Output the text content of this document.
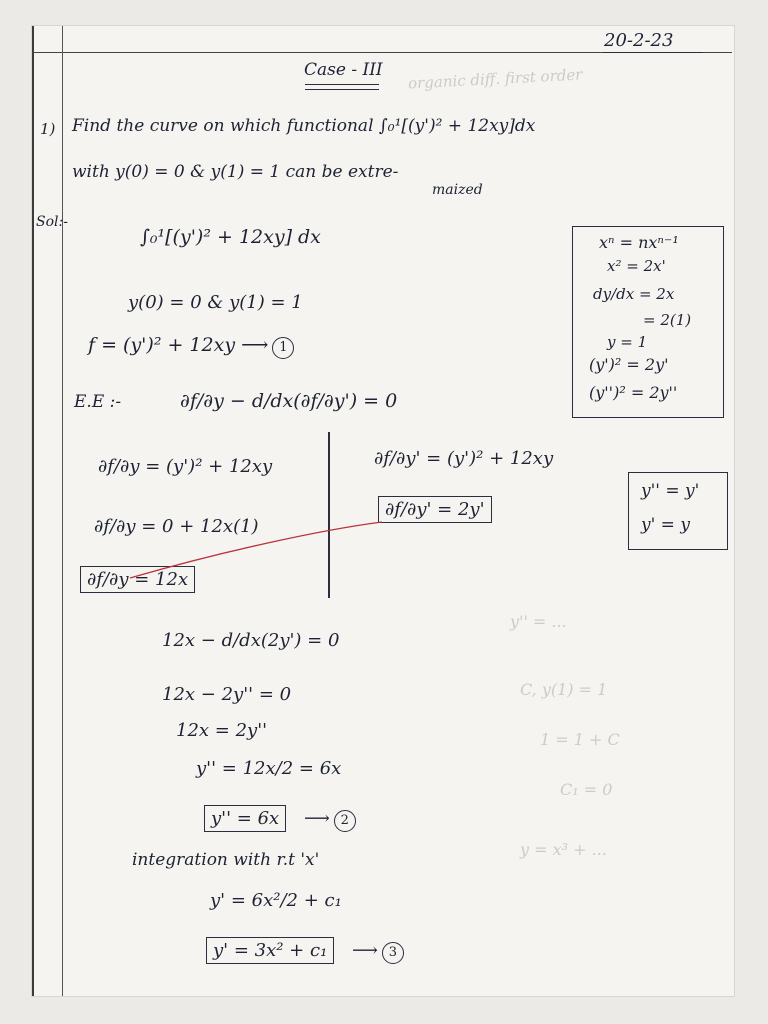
organic diff. first order
y'' = ...
C, y(1) = 1
1 = 1 + C
C₁ = 0
y = x³ + ...
20-2-23
Case - III
1) Find the curve on which functional ∫₀¹[(y')² + 12xy]dx
with y(0) = 0 & y(1) = 1 can be extre-
maized
Sol:-
∫₀¹[(y')² + 12xy] dx
y(0) = 0 & y(1) = 1
f = (y')² + 12xy ⟶ 1
E.E :-	∂f/∂y − d/dx(∂f/∂y') = 0
∂f/∂y = (y')² + 12xy
∂f/∂y = 0 + 12x(1)
∂f/∂y = 12x
∂f/∂y' = (y')² + 12xy
∂f/∂y' = 2y'
12x − d/dx(2y') = 0
12x − 2y'' = 0
12x = 2y''
y'' = 12x/2 = 6x
y'' = 6x ⟶ 2
integration with r.t 'x'
y' = 6x²/2 + c₁
y' = 3x² + c₁ ⟶ 3
xⁿ = nxⁿ⁻¹
x² = 2x'
dy/dx = 2x
= 2(1)
y = 1
(y')² = 2y'
(y'')² = 2y''
y'' = y'
y' = y
